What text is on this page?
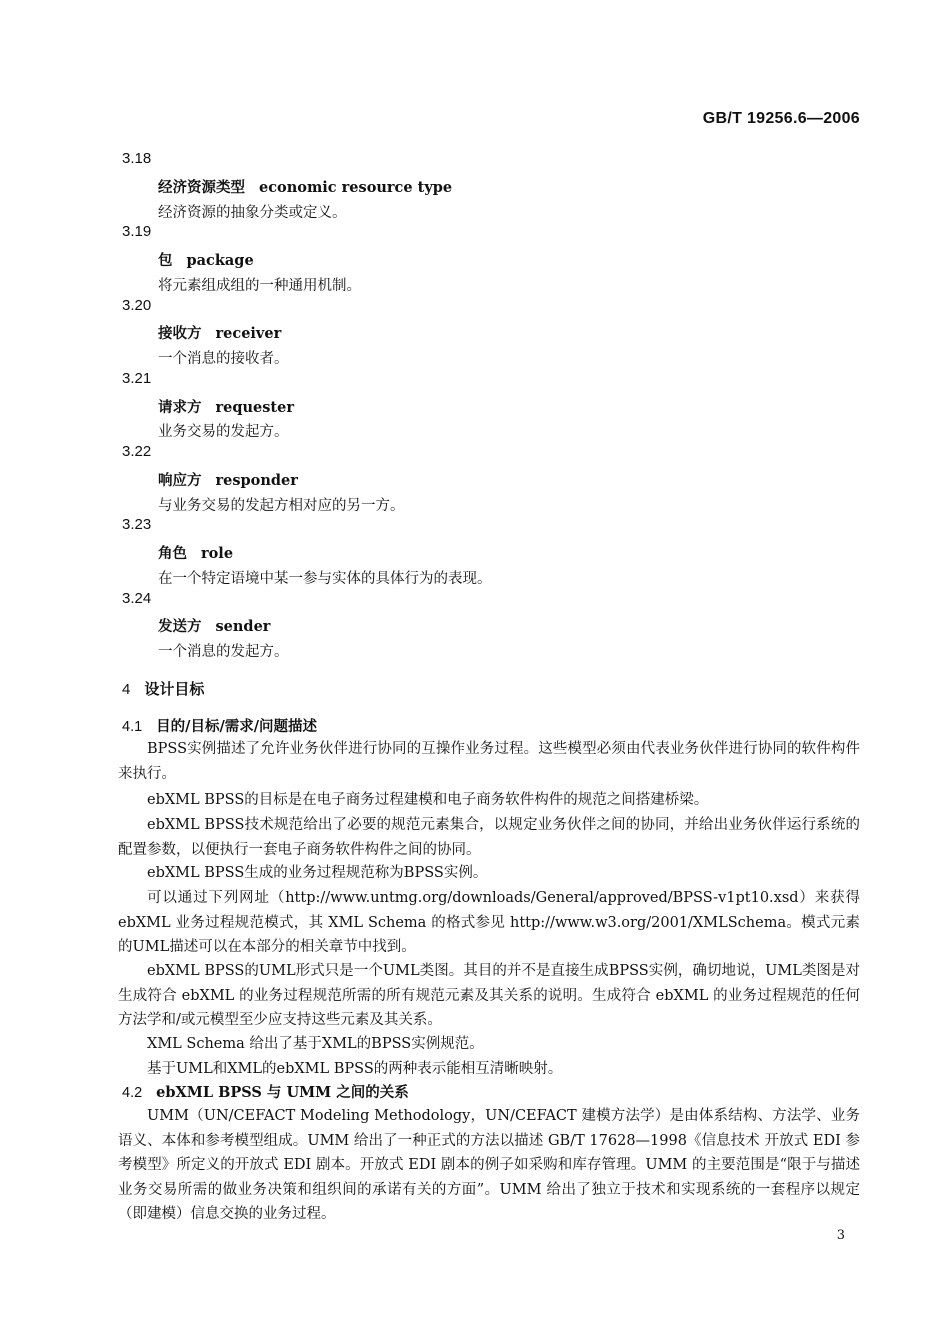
GB/T 19256.6—2006
3.18
经济资源类型 economic resource type
经济资源的抽象分类或定义。
3.19
包 package
将元素组成组的一种通用机制。
3.20
接收方 receiver
一个消息的接收者。
3.21
请求方 requester
业务交易的发起方。
3.22
响应方 responder
与业务交易的发起方相对应的另一方。
3.23
角色 role
在一个特定语境中某一参与实体的具体行为的表现。
3.24
发送方 sender
一个消息的发起方。
4 设计目标
4.1 目的/目标/需求/问题描述
BPSS实例描述了允许业务伙伴进行协同的互操作业务过程。这些模型必须由代表业务伙伴进行协同的软件构件来执行。
ebXML BPSS的目标是在电子商务过程建模和电子商务软件构件的规范之间搭建桥梁。
ebXML BPSS技术规范给出了必要的规范元素集合，以规定业务伙伴之间的协同，并给出业务伙伴运行系统的配置参数，以便执行一套电子商务软件构件之间的协同。
ebXML BPSS生成的业务过程规范称为BPSS实例。
可以通过下列网址（http://www.untmg.org/downloads/General/approved/BPSS-v1pt10.xsd）来获得 ebXML 业务过程规范模式，其 XML Schema 的格式参见 http://www.w3.org/2001/XMLSchema。模式元素的UML描述可以在本部分的相关章节中找到。
ebXML BPSS的UML形式只是一个UML类图。其目的并不是直接生成BPSS实例，确切地说，UML类图是对生成符合 ebXML 的业务过程规范所需的所有规范元素及其关系的说明。生成符合 ebXML 的业务过程规范的任何方法学和/或元模型至少应支持这些元素及其关系。
XML Schema 给出了基于XML的BPSS实例规范。
基于UML和XML的ebXML BPSS的两种表示能相互清晰映射。
4.2 ebXML BPSS 与 UMM 之间的关系
UMM（UN/CEFACT Modeling Methodology，UN/CEFACT 建模方法学）是由体系结构、方法学、业务语义、本体和参考模型组成。UMM 给出了一种正式的方法以描述 GB/T 17628—1998《信息技术 开放式 EDI 参考模型》所定义的开放式 EDI 剧本。开放式 EDI 剧本的例子如采购和库存管理。UMM 的主要范围是“限于与描述业务交易所需的做业务决策和组织间的承诺有关的方面”。UMM 给出了独立于技术和实现系统的一套程序以规定（即建模）信息交换的业务过程。
3
